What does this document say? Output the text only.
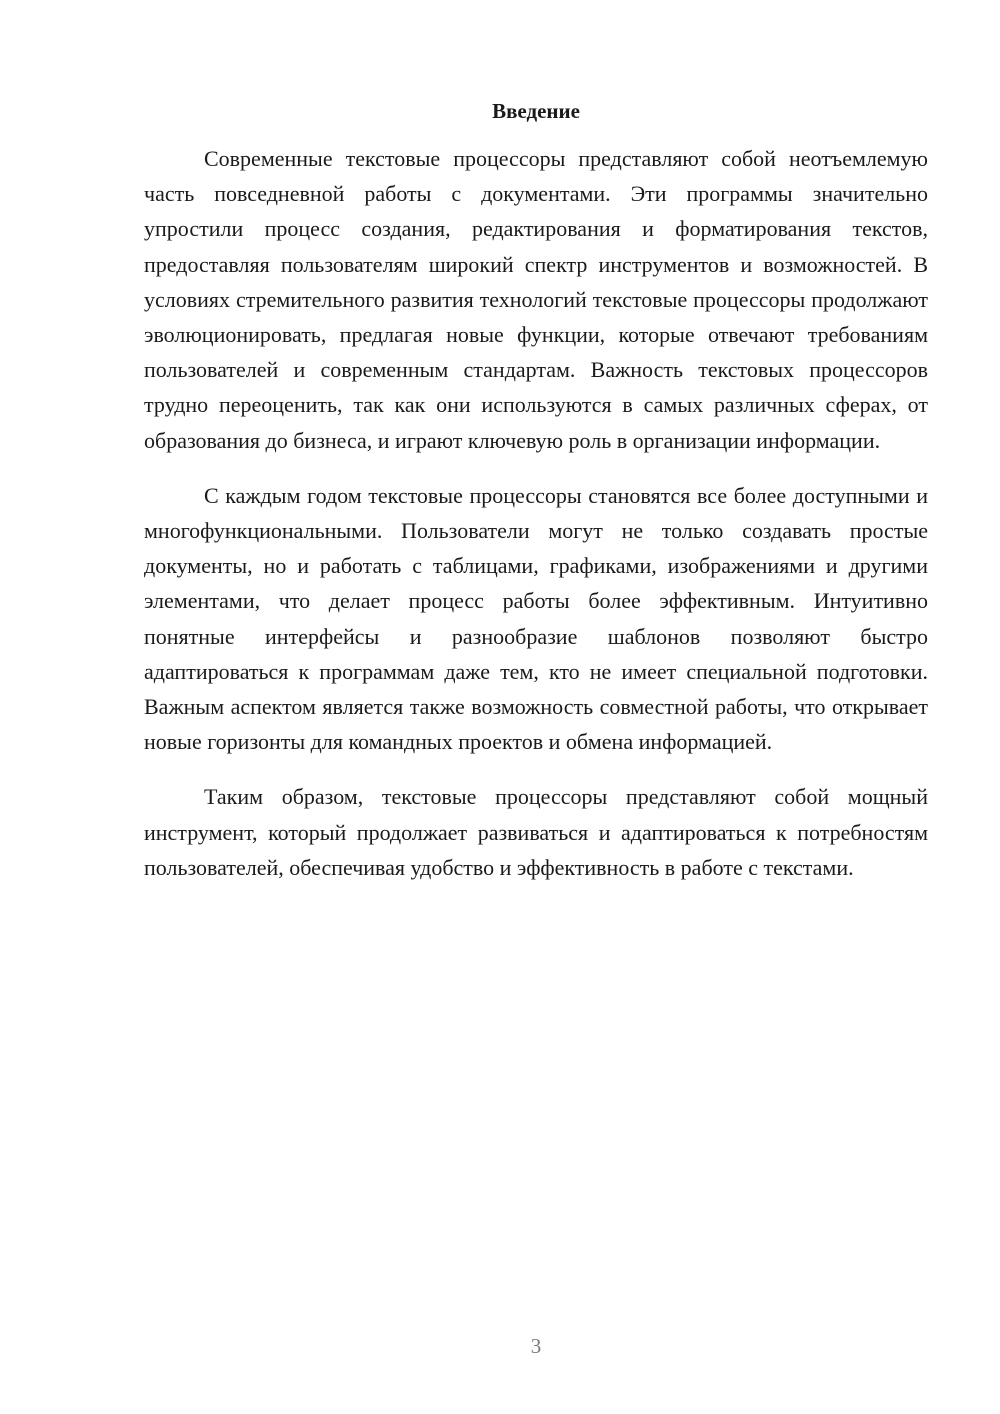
Введение

Современные текстовые процессоры представляют собой неотъемлемую часть повседневной работы с документами. Эти программы значительно упростили процесс создания, редактирования и форматирования текстов, предоставляя пользователям широкий спектр инструментов и возможностей. В условиях стремительного развития технологий текстовые процессоры продолжают эволюционировать, предлагая новые функции, которые отвечают требованиям пользователей и современным стандартам. Важность текстовых процессоров трудно переоценить, так как они используются в самых различных сферах, от образования до бизнеса, и играют ключевую роль в организации информации.

С каждым годом текстовые процессоры становятся все более доступными и многофункциональными. Пользователи могут не только создавать простые документы, но и работать с таблицами, графиками, изображениями и другими элементами, что делает процесс работы более эффективным. Интуитивно понятные интерфейсы и разнообразие шаблонов позволяют быстро адаптироваться к программам даже тем, кто не имеет специальной подготовки. Важным аспектом является также возможность совместной работы, что открывает новые горизонты для командных проектов и обмена информацией.

Таким образом, текстовые процессоры представляют собой мощный инструмент, который продолжает развиваться и адаптироваться к потребностям пользователей, обеспечивая удобство и эффективность в работе с текстами.

3
